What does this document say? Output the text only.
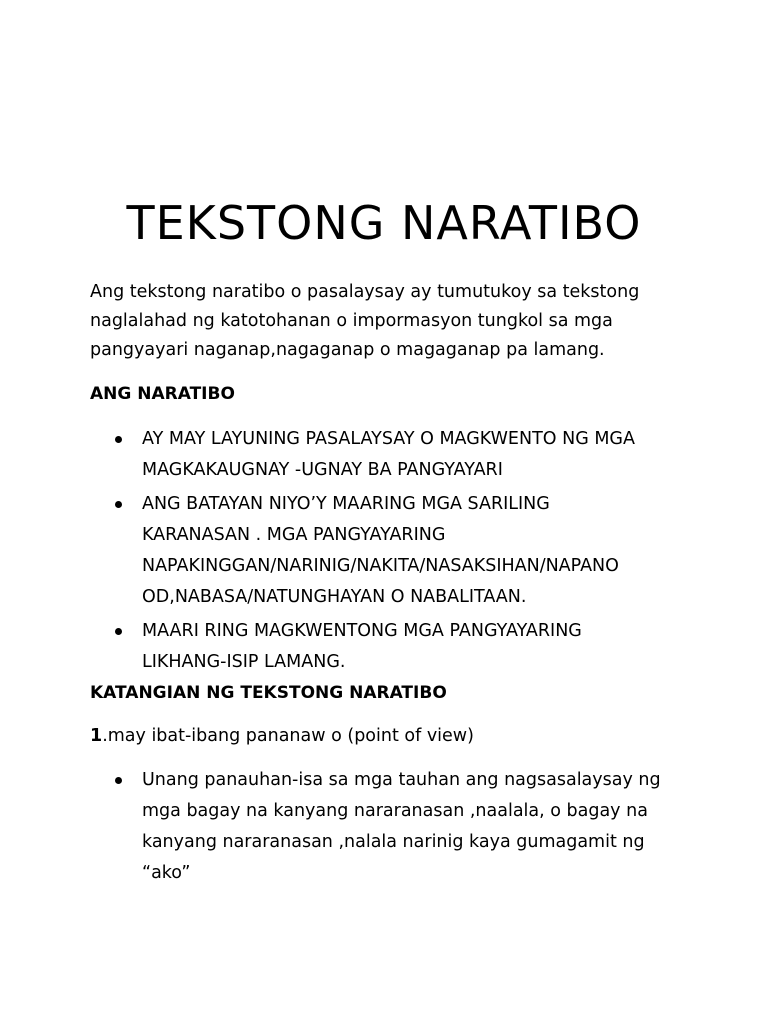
TEKSTONG NARATIBO

Ang tekstong naratibo o pasalaysay ay tumutukoy sa tekstong
naglalahad ng katotohanan o impormasyon tungkol sa mga
pangyayari naganap,nagaganap o magaganap pa lamang.

ANG NARATIBO
AY MAY LAYUNING PASALAYSAY O MAGKWENTO NG MGA
MAGKAKAUGNAY -UGNAY BA PANGYAYARI
ANG BATAYAN NIYO’Y MAARING MGA SARILING
KARANASAN . MGA PANGYAYARING
NAPAKINGGAN/NARINIG/NAKITA/NASAKSIHAN/NAPANO
OD,NABASA/NATUNGHAYAN O NABALITAAN.
MAARI RING MAGKWENTONG MGA PANGYAYARING
LIKHANG-ISIP LAMANG.
KATANGIAN NG TEKSTONG NARATIBO

1.may ibat-ibang pananaw o (point of view)

Unang panauhan-isa sa mga tauhan ang nagsasalaysay ng
mga bagay na kanyang nararanasan ,naalala, o bagay na
kanyang nararanasan ,nalala narinig kaya gumagamit ng
“ako”
